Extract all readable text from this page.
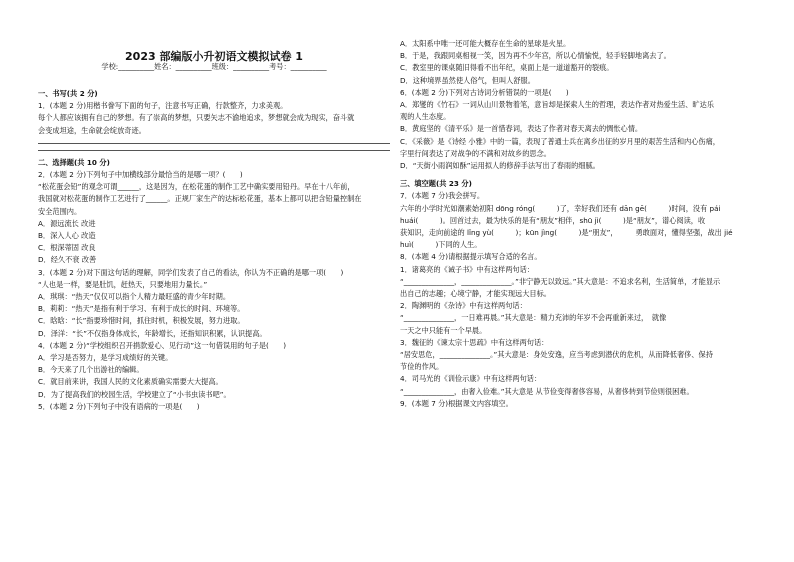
2023 部编版小升初语文模拟试卷 1
学校:__________姓名：__________班级：__________考号：__________

一、书写(共 2 分)

1．(本题 2 分)用楷书誊写下面的句子，注意书写正确，行款整齐，力求美观。

每个人都应该拥有自己的梦想。有了崇高的梦想，只要矢志不渝地追求，梦想就会成为现实，奋斗就

会变成坦途，生命就会绽放奇迹。

二、选择题(共 10 分)

2．(本题 2 分)下列句子中加横线部分最恰当的是哪一项？(　　)

“松花蛋会铅”的观念可谓______，这是因为，在松花蛋的制作工艺中确实要用铅丹。早在十八年前，

我国就对松花蛋的制作工艺进行了______。正规厂家生产的达标松花蛋，基本上都可以把含铅量控制在

安全范围内。

A．源远流长 改进

B．深入人心 改造

C．根深蒂固 改良

D．经久不衰 改善

3．(本题 2 分)对下面这句话的理解，同学们发表了自己的看法，你认为不正确的是哪一项(　　)

“人也是一样，要是肚饥，赶热天，只要地用力量长。”

A．琪琪：“热天”仅仅可以指个人精力最旺盛的青少年时期。

B．莉莉：“热天”是指有利于学习、有利于成长的时间、环境等。

C．晗晗：“长”指要珍惜时间，抓住时机，积极发展，努力进取。

D．泽洋：“长”不仅指身体成长，年龄增长，还指知识积累，认识提高。

4．(本题 2 分)“学校组织召开捐款爱心、见行动”这一句借误用的句子是(　　)

A．学习是否努力，是学习成绩好的关键。

B．今天来了几个出游社的编辑。

C．就目前来讲，我国人民的文化素质确实需要大大提高。

D．为了提高我们的校园生活，学校建立了“小书虫读书吧”。

5．(本题 2 分)下列句子中没有语病的一项是(　　)

A．太阳系中唯一还可能大概存在生命的星球是火星。

B．于是，我跟同桌相视一笑，因为再不少年宫，所以心情愉悦，轻手轻脚地离去了。

C．教室里的课桌随旧得看不出年纪，桌面上是一道道豁开的裂痕。

D．这种境界虽然使人俗气，但叫人舒服。

6．(本题 2 分)下列对古诗词分析错误的一项是(　　)

A．郑燮的《竹石》一词从山川景物着笔，意旨却是探索人生的哲理，表达作者对热爱生活、旷达乐

观的人生态度。

B．黄庭坚的《清平乐》是一首惜春词，表达了作者对春天离去的惆怅心情。

C．《采薇》是《诗经 小雅》中的一篇，表现了普通士兵在离乡出征的岁月里的艰苦生活和内心伤痛，

字里行间表达了对战争的不满和对故乡的思念。

D．“天街小雨润如酥”运用拟人的修辞手法写出了春雨的细腻。

三、填空题(共 23 分)

7．(本题 7 分)我会拼写。

六年的小学时光如潮素始初阳 dōng róng(　　　)了，幸好我们还有 dān gē(　　　)时间，没有 pái

huái(　　　)。回首过去，最为快乐的是有“朋友”相伴，shū jì(　　　)是“朋友”，谱心阅读，收

获知识，走向前途的 lǐng yù(　　　)；kūn jìng(　　　)是“朋友”，　　　勇敢面对，懂得坚强，战出 jié

huì(　　　)下同的人生。

8．(本题 4 分)请根据提示填写合适的名言。

1．诸葛亮的《诫子书》中有这样两句话：

“______________，______________。”非宁静无以致远。”其大意是：不追求名利，生活简单，才能显示

出自己的志趣；心境宁静，才能实现远大目标。

2．陶渊明的《杂诗》中有这样两句话：

“______________，一日难再晨。”其大意是：精力充沛的年岁不会再重新来过，　就像

一天之中只能有一个早晨。

3．魏征的《谏太宗十思疏》中有这样两句话：

“居安思危，______________。”其大意是：身处安逸，应当考虑到潜伏的危机，从而降低奢侈、保持

节俭的作风。

4．司马光的《训俭示康》中有这样两句话：

“______________，由奢入俭难。”其大意是 从节俭变得奢侈容易，从奢侈转到节俭则很困难。

9．(本题 7 分)根据课文内容填空。
